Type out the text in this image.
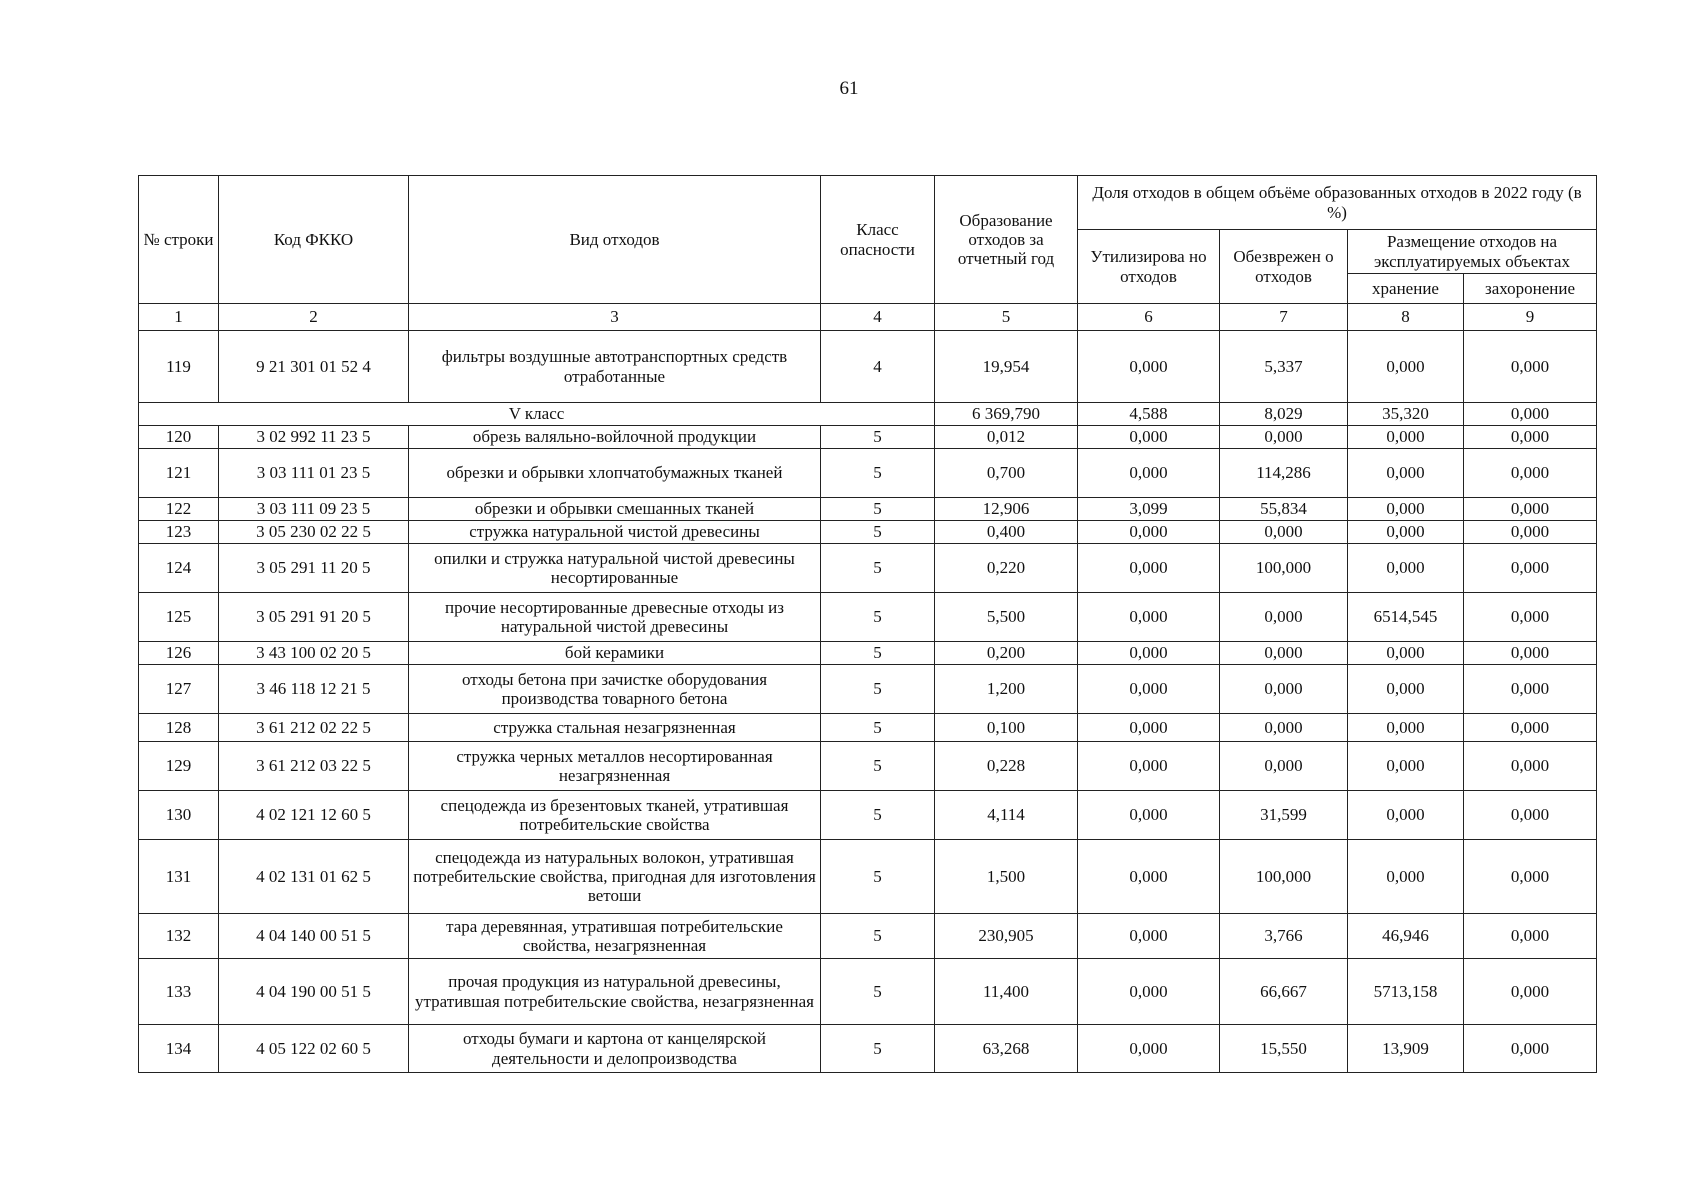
61
№ строки	Код ФККО	Вид отходов	Класс опасности	Образование отходов за отчетный год	Доля отходов в общем объёме образованных отходов в 2022 году (в %)			
					Утилизирова но отходов	Обезврежен о отходов	Размещение отходов на эксплуатируемых объектах	
							хранение	захоронение
1	2	3	4	5	6	7	8	9
119	9 21 301 01 52 4	фильтры воздушные автотранспортных средств отработанные	4	19,954	0,000	5,337	0,000	0,000
V класс				6 369,790	4,588	8,029	35,320	0,000
120	3 02 992 11 23 5	обрезь валяльно-войлочной продукции	5	0,012	0,000	0,000	0,000	0,000
121	3 03 111 01 23 5	обрезки и обрывки хлопчатобумажных тканей	5	0,700	0,000	114,286	0,000	0,000
122	3 03 111 09 23 5	обрезки и обрывки смешанных тканей	5	12,906	3,099	55,834	0,000	0,000
123	3 05 230 02 22 5	стружка натуральной чистой древесины	5	0,400	0,000	0,000	0,000	0,000
124	3 05 291 11 20 5	опилки и стружка натуральной чистой древесины несортированные	5	0,220	0,000	100,000	0,000	0,000
125	3 05 291 91 20 5	прочие несортированные древесные отходы из натуральной чистой древесины	5	5,500	0,000	0,000	6514,545	0,000
126	3 43 100 02 20 5	бой керамики	5	0,200	0,000	0,000	0,000	0,000
127	3 46 118 12 21 5	отходы бетона при зачистке оборудования производства товарного бетона	5	1,200	0,000	0,000	0,000	0,000
128	3 61 212 02 22 5	стружка стальная незагрязненная	5	0,100	0,000	0,000	0,000	0,000
129	3 61 212 03 22 5	стружка черных металлов несортированная незагрязненная	5	0,228	0,000	0,000	0,000	0,000
130	4 02 121 12 60 5	спецодежда из брезентовых тканей, утратившая потребительские свойства	5	4,114	0,000	31,599	0,000	0,000
131	4 02 131 01 62 5	спецодежда из натуральных волокон, утратившая потребительские свойства, пригодная для изготовления ветоши	5	1,500	0,000	100,000	0,000	0,000
132	4 04 140 00 51 5	тара деревянная, утратившая потребительские свойства, незагрязненная	5	230,905	0,000	3,766	46,946	0,000
133	4 04 190 00 51 5	прочая продукция из натуральной древесины, утратившая потребительские свойства, незагрязненная	5	11,400	0,000	66,667	5713,158	0,000
134	4 05 122 02 60 5	отходы бумаги и картона от канцелярской деятельности и делопроизводства	5	63,268	0,000	15,550	13,909	0,000
